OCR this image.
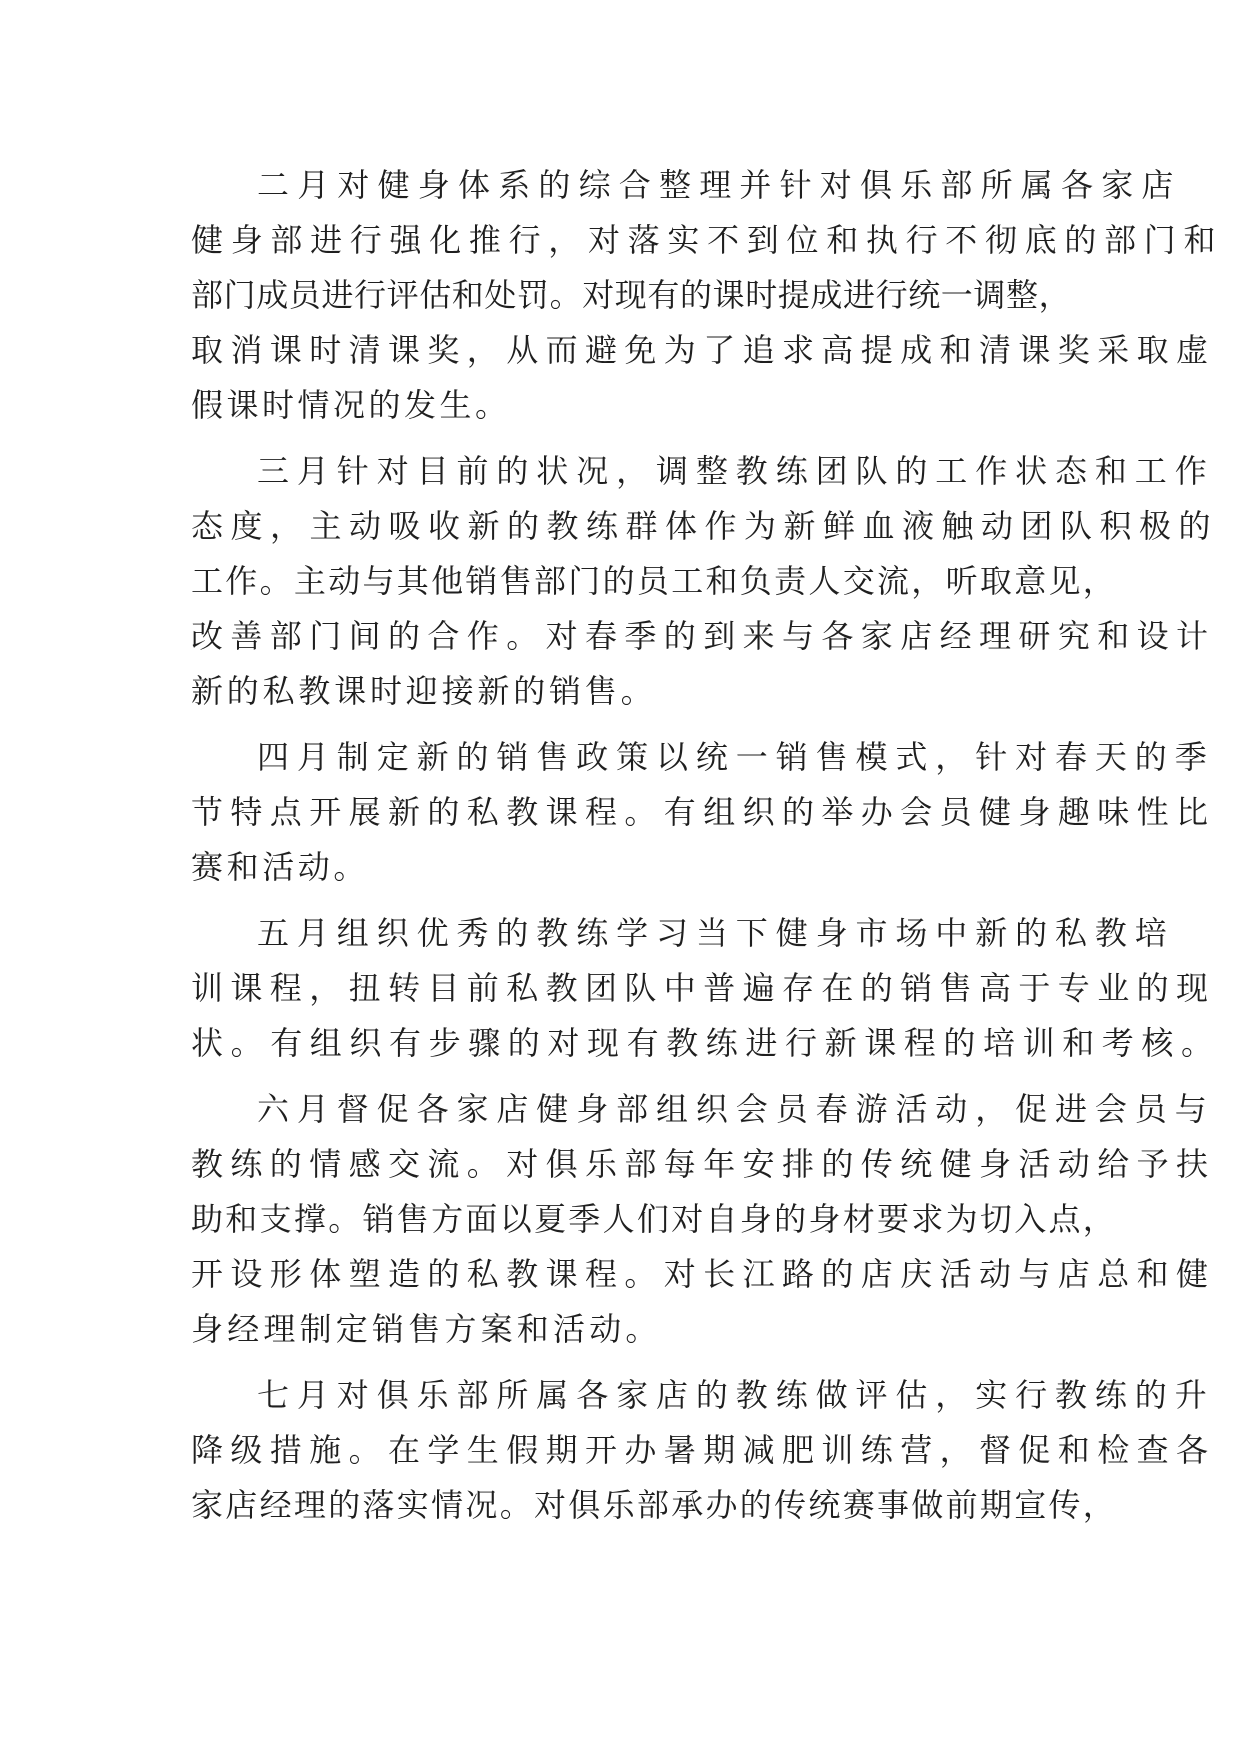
二月对健身体系的综合整理并针对俱乐部所属各家店
健身部进行强化推行，对落实不到位和执行不彻底的部门和
部门成员进行评估和处罚。对现有的课时提成进行统一调整，
取消课时清课奖，从而避免为了追求高提成和清课奖采取虚
假课时情况的发生。
三月针对目前的状况，调整教练团队的工作状态和工作
态度，主动吸收新的教练群体作为新鲜血液触动团队积极的
工作。主动与其他销售部门的员工和负责人交流，听取意见，
改善部门间的合作。对春季的到来与各家店经理研究和设计
新的私教课时迎接新的销售。
四月制定新的销售政策以统一销售模式，针对春天的季
节特点开展新的私教课程。有组织的举办会员健身趣味性比
赛和活动。
五月组织优秀的教练学习当下健身市场中新的私教培
训课程，扭转目前私教团队中普遍存在的销售高于专业的现
状。有组织有步骤的对现有教练进行新课程的培训和考核。
六月督促各家店健身部组织会员春游活动，促进会员与
教练的情感交流。对俱乐部每年安排的传统健身活动给予扶
助和支撑。销售方面以夏季人们对自身的身材要求为切入点，
开设形体塑造的私教课程。对长江路的店庆活动与店总和健
身经理制定销售方案和活动。
七月对俱乐部所属各家店的教练做评估，实行教练的升
降级措施。在学生假期开办暑期减肥训练营，督促和检查各
家店经理的落实情况。对俱乐部承办的传统赛事做前期宣传，
